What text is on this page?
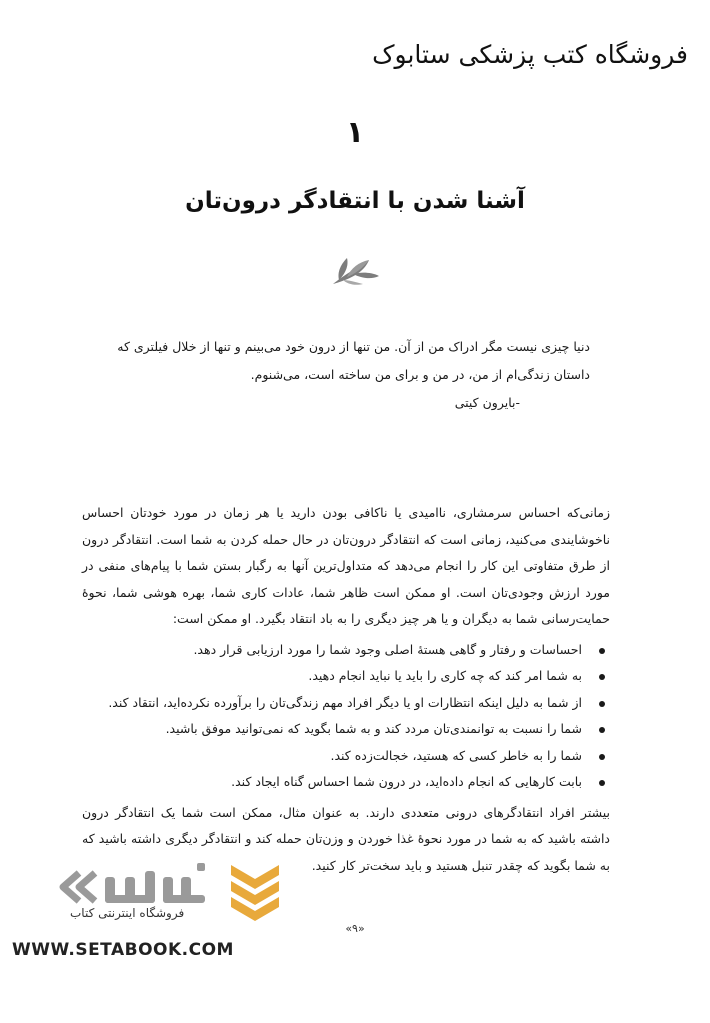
فروشگاه کتب پزشکی ستابوک
۱
آشنا شدن با انتقادگر درون‌تان

دنیا چیزی نیست مگر ادراک من از آن. من تنها از درون خود می‌بینم و تنها از خلال فیلتری که

داستان زندگی‌ام از من، در من و برای من ساخته است، می‌شنوم.

-بایرون کیتی

زمانی‌که احساس سرمشاری، ناامیدی یا ناکافی بودن دارید یا هر زمان در مورد خودتان احساس ناخوشایندی می‌کنید، زمانی است که انتقادگر درون‌تان در حال حمله کردن به شما است. انتقادگر درون از طرق متفاوتی این کار را انجام می‌دهد که متداول‌ترین آنها به رگبار بستن شما با پیام‌های منفی در مورد ارزش وجودی‌تان است. او ممکن است ظاهر شما، عادات کاری شما، بهره هوشی شما، نحوهٔ حمایت‌رسانی شما به دیگران و یا هر چیز دیگری را به باد انتقاد بگیرد. او ممکن است:

احساسات و رفتار و گاهی هستهٔ اصلی وجود شما را مورد ارزیابی قرار دهد.
به شما امر کند که چه کاری را باید یا نباید انجام دهید.
از شما به دلیل اینکه انتظارات او یا دیگر افراد مهم زندگی‌تان را برآورده نکرده‌اید، انتقاد کند.
شما را نسبت به توانمندی‌تان مردد کند و به شما بگوید که نمی‌توانید موفق باشید.
شما را به خاطر کسی که هستید، خجالت‌زده کند.
بابت کارهایی که انجام داده‌اید، در درون شما احساس گناه ایجاد کند.

بیشتر افراد انتقادگرهای درونی متعددی دارند. به عنوان مثال، ممکن است شما یک انتقادگر درون داشته باشید که به شما در مورد نحوهٔ غذا خوردن و وزن‌تان حمله کند و انتقادگر دیگری داشته باشید که به شما بگوید که چقدر تنبل هستید و باید سخت‌تر کار کنید.

«۹»
فروشگاه اینترنتی کتاب
WWW.SETABOOK.COM
